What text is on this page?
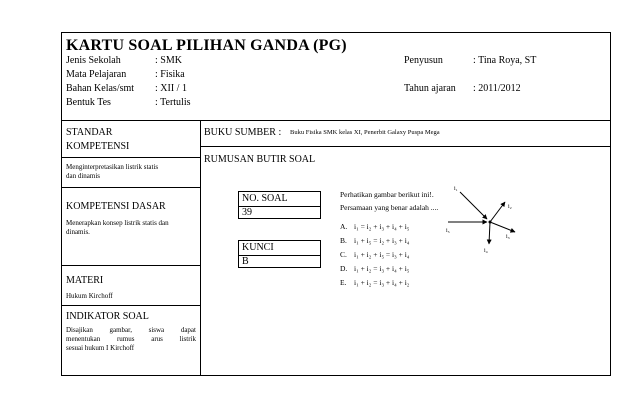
KARTU SOAL PILIHAN GANDA (PG)
Jenis Sekolah	: SMK
Mata Pelajaran	: Fisika
Bahan Kelas/smt : XII / 1
Bentuk Tes	: Tertulis
Penyusun	: Tina Roya, ST
Tahun ajaran : 2011/2012
STANDAR
KOMPETENSI
Menginterpretasikan listrik statis
dan dinamis
KOMPETENSI DASAR
Menerapkan konsep listrik statis dan
dinamis.
MATERI
Hukum Kirchoff
INDIKATOR SOAL
Disajikan gambar, siswa dapat
menentukan rumus arus listrik
sesuai hukum I Kirchoff
BUKU SUMBER : Buku Fisika SMK kelas XI, Penerbit Galaxy Puspa Mega
RUMUSAN BUTIR SOAL
NO. SOAL
39
KUNCI
B
Perhatikan gambar berikut ini!.
Persamaan yang benar adalah ....
A. i₁ = i₂ + i₃ + i₄ + i₅
B. i₁ + i₅ = i₂ + i₃ + i₄
C. i₁ + i₂ + i₅ = i₃ + i₄
D. i₁ + i₂ = i₃ + i₄ + i₅
E. i₁ + i₂ = i₃ + i₄ + i₂
i₁
i₂
i₃
i₄
i₅
